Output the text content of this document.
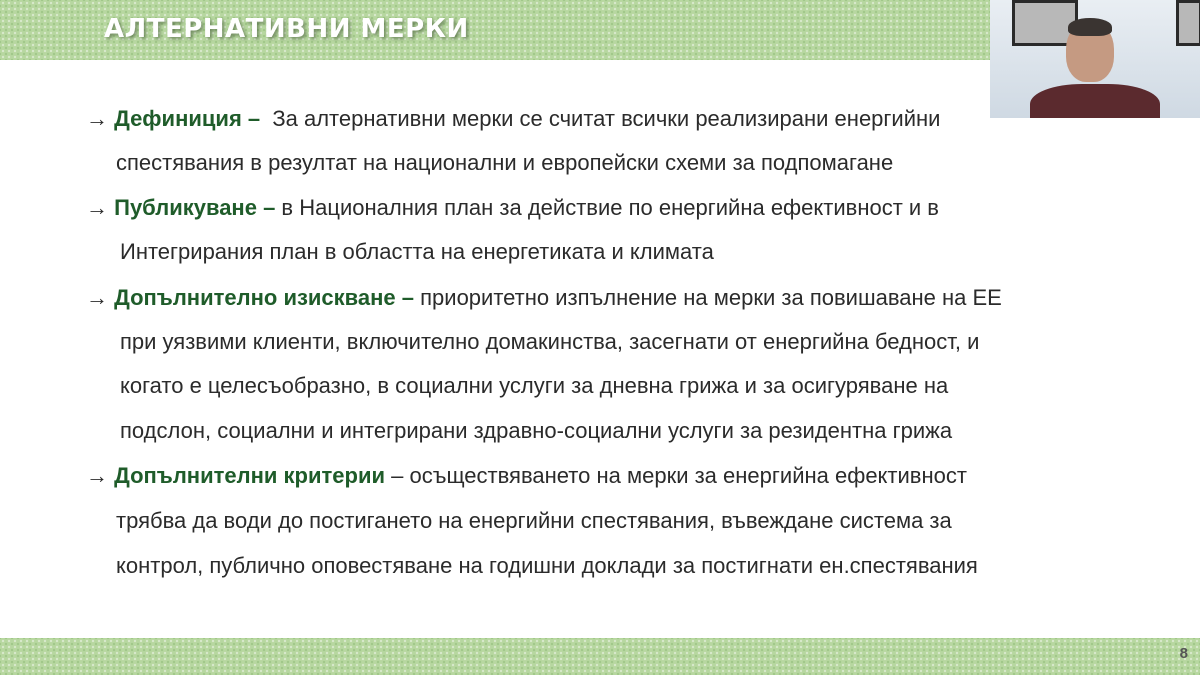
АЛТЕРНАТИВНИ МЕРКИ
→ Дефиниция –  За алтернативни мерки се считат всички реализирани енергийни
спестявания в резултат на национални и европейски схеми за подпомагане
→ Публикуване – в Националния план за действие по енергийна ефективност и в
Интегрирания план в областта на енергетиката и климата
→ Допълнително изискване – приоритетно изпълнение на мерки за повишаване на ЕЕ
при уязвими клиенти, включително домакинства, засегнати от енергийна бедност, и
когато е целесъобразно, в социални услуги за дневна грижа и за осигуряване на
подслон, социални и интегрирани здравно-социални услуги за резидентна грижа
→ Допълнителни критерии – осъществяването на мерки за енергийна ефективност
трябва да води до постигането на енергийни спестявания, въвеждане система за
контрол, публично оповестяване на годишни доклади за постигнати ен.спестявания
8
